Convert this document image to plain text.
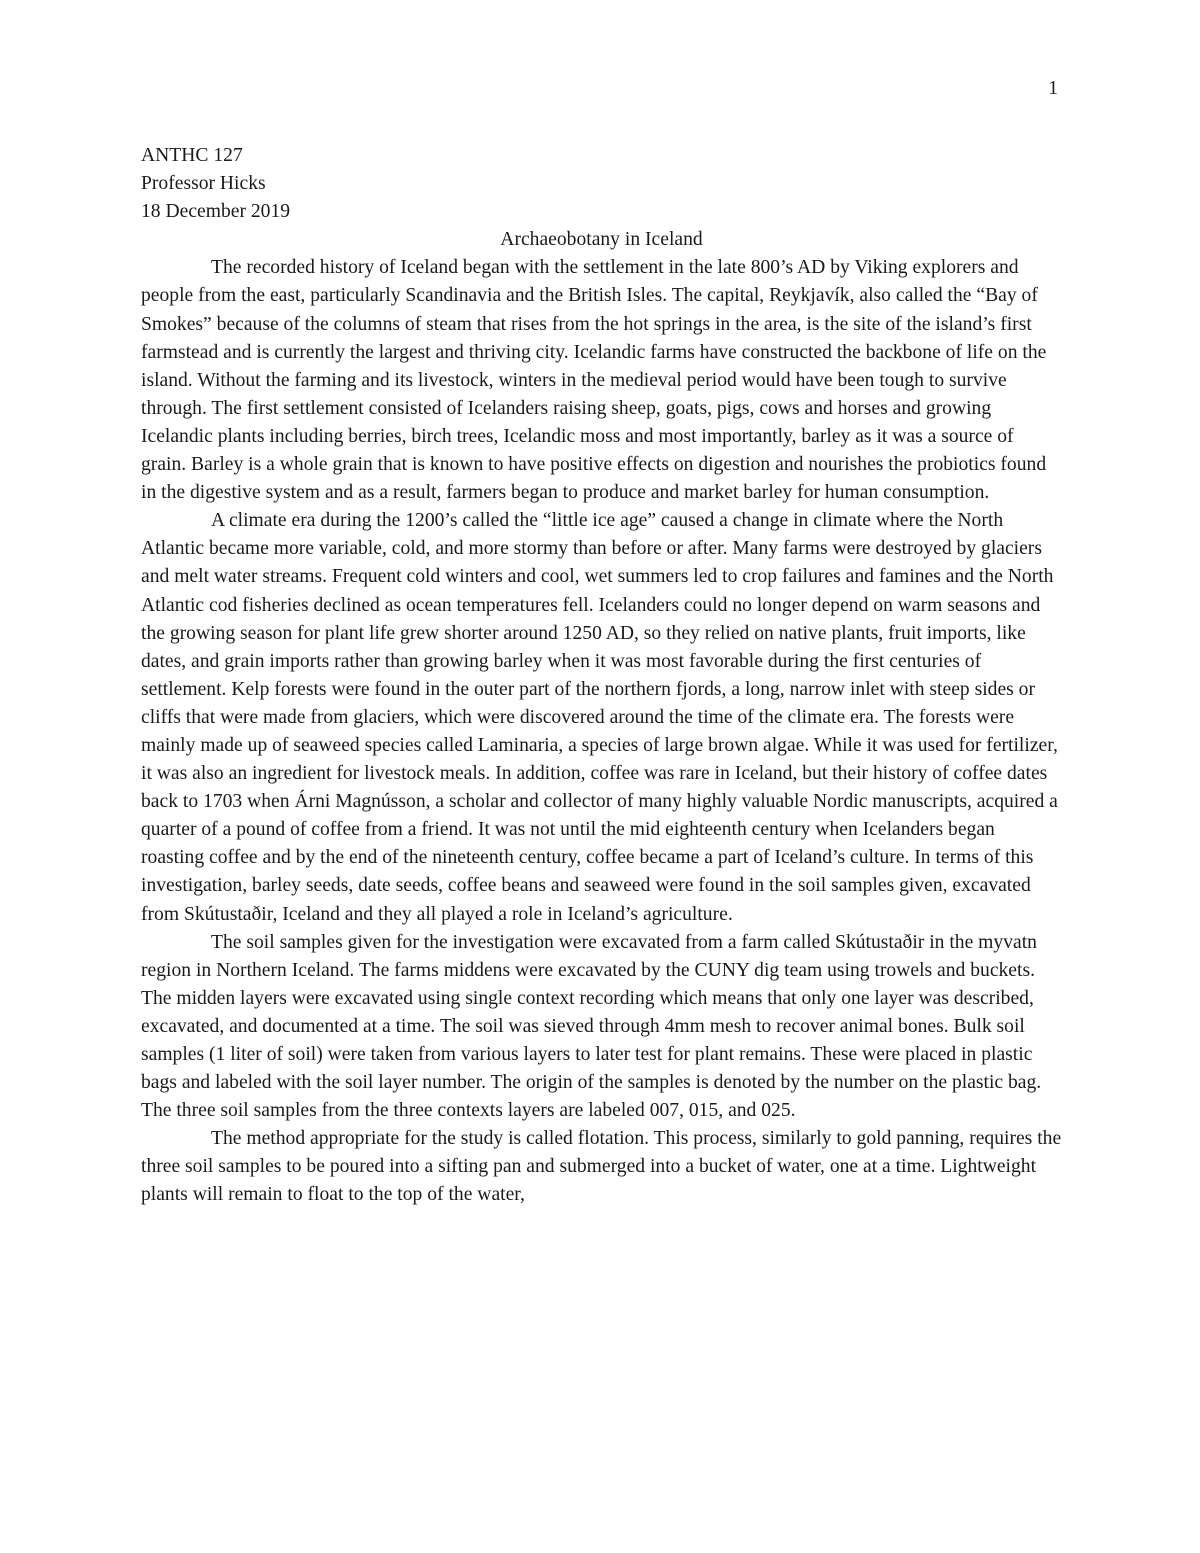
1

ANTHC 127

Professor Hicks

18 December 2019

Archaeobotany in Iceland

The recorded history of Iceland began with the settlement in the late 800’s AD by Viking explorers and people from the east, particularly Scandinavia and the British Isles. The capital, Reykjavík, also called the “Bay of Smokes” because of the columns of steam that rises from the hot springs in the area, is the site of the island’s first farmstead and is currently the largest and thriving city. Icelandic farms have constructed the backbone of life on the island. Without the farming and its livestock, winters in the medieval period would have been tough to survive through. The first settlement consisted of Icelanders raising sheep, goats, pigs, cows and horses and growing Icelandic plants including berries, birch trees, Icelandic moss and most importantly, barley as it was a source of grain. Barley is a whole grain that is known to have positive effects on digestion and nourishes the probiotics found in the digestive system and as a result, farmers began to produce and market barley for human consumption.

A climate era during the 1200’s called the “little ice age” caused a change in climate where the North Atlantic became more variable, cold, and more stormy than before or after. Many farms were destroyed by glaciers and melt water streams. Frequent cold winters and cool, wet summers led to crop failures and famines and the North Atlantic cod fisheries declined as ocean temperatures fell. Icelanders could no longer depend on warm seasons and the growing season for plant life grew shorter around 1250 AD, so they relied on native plants, fruit imports, like dates, and grain imports rather than growing barley when it was most favorable during the first centuries of settlement. Kelp forests were found in the outer part of the northern fjords, a long, narrow inlet with steep sides or cliffs that were made from glaciers, which were discovered around the time of the climate era. The forests were mainly made up of seaweed species called Laminaria, a species of large brown algae. While it was used for fertilizer, it was also an ingredient for livestock meals. In addition, coffee was rare in Iceland, but their history of coffee dates back to 1703 when Árni Magnússon, a scholar and collector of many highly valuable Nordic manuscripts, acquired a quarter of a pound of coffee from a friend. It was not until the mid eighteenth century when Icelanders began roasting coffee and by the end of the nineteenth century, coffee became a part of Iceland’s culture. In terms of this investigation, barley seeds, date seeds, coffee beans and seaweed were found in the soil samples given, excavated from Skútustaðir, Iceland and they all played a role in Iceland’s agriculture.

The soil samples given for the investigation were excavated from a farm called Skútustaðir in the myvatn region in Northern Iceland. The farms middens were excavated by the CUNY dig team using trowels and buckets. The midden layers were excavated using single context recording which means that only one layer was described, excavated, and documented at a time. The soil was sieved through 4mm mesh to recover animal bones. Bulk soil samples (1 liter of soil) were taken from various layers to later test for plant remains. These were placed in plastic bags and labeled with the soil layer number. The origin of the samples is denoted by the number on the plastic bag. The three soil samples from the three contexts layers are labeled 007, 015, and 025.

The method appropriate for the study is called flotation. This process, similarly to gold panning, requires the three soil samples to be poured into a sifting pan and submerged into a bucket of water, one at a time. Lightweight plants will remain to float to the top of the water,
